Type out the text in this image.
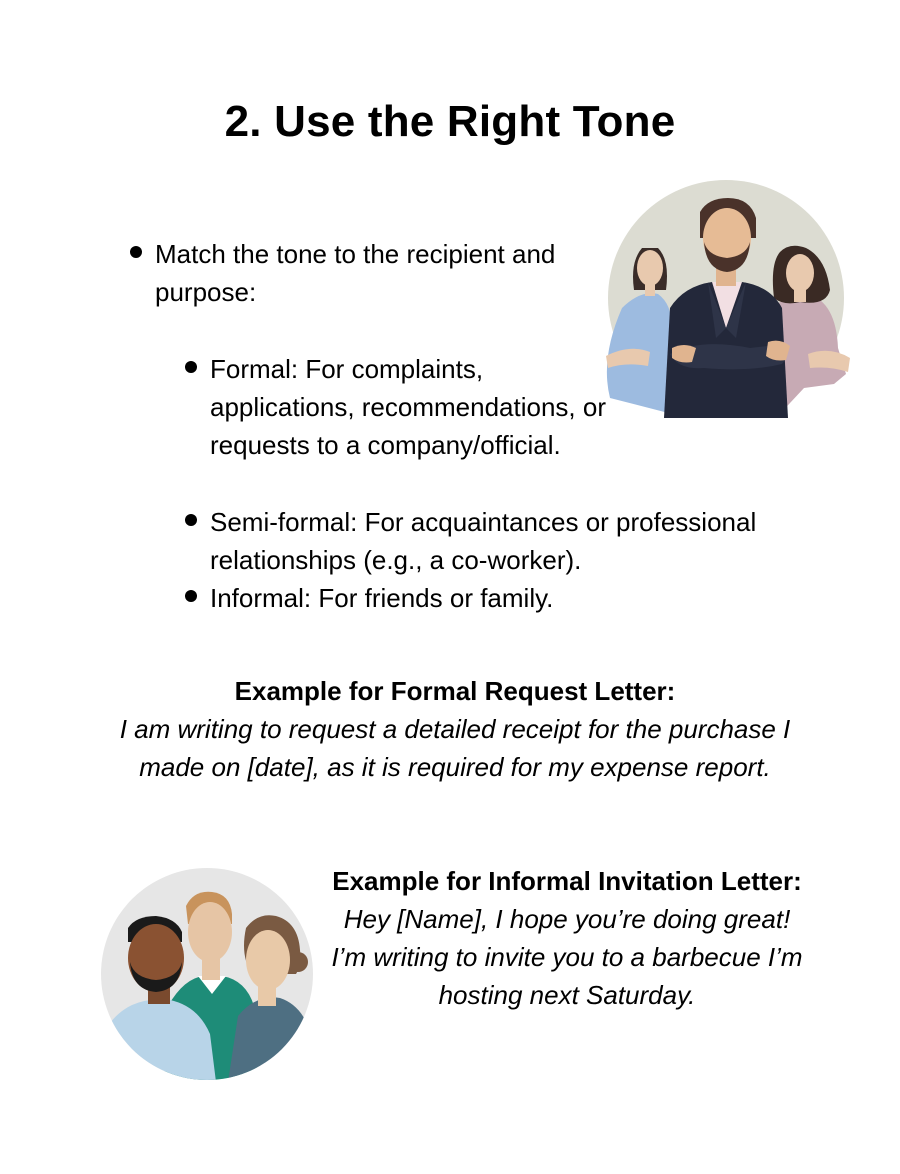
2. Use the Right Tone
Match the tone to the recipient and purpose:
Formal: For complaints, applications, recommendations, or requests to a company/official.
Semi-formal: For acquaintances or professional relationships (e.g., a co-worker).
Informal: For friends or family.
Example for Formal Request Letter:
I am writing to request a detailed receipt for the purchase I made on [date], as it is required for my expense report.
Example for Informal Invitation Letter:
Hey [Name], I hope you’re doing great! I’m writing to invite you to a barbecue I’m hosting next Saturday.
